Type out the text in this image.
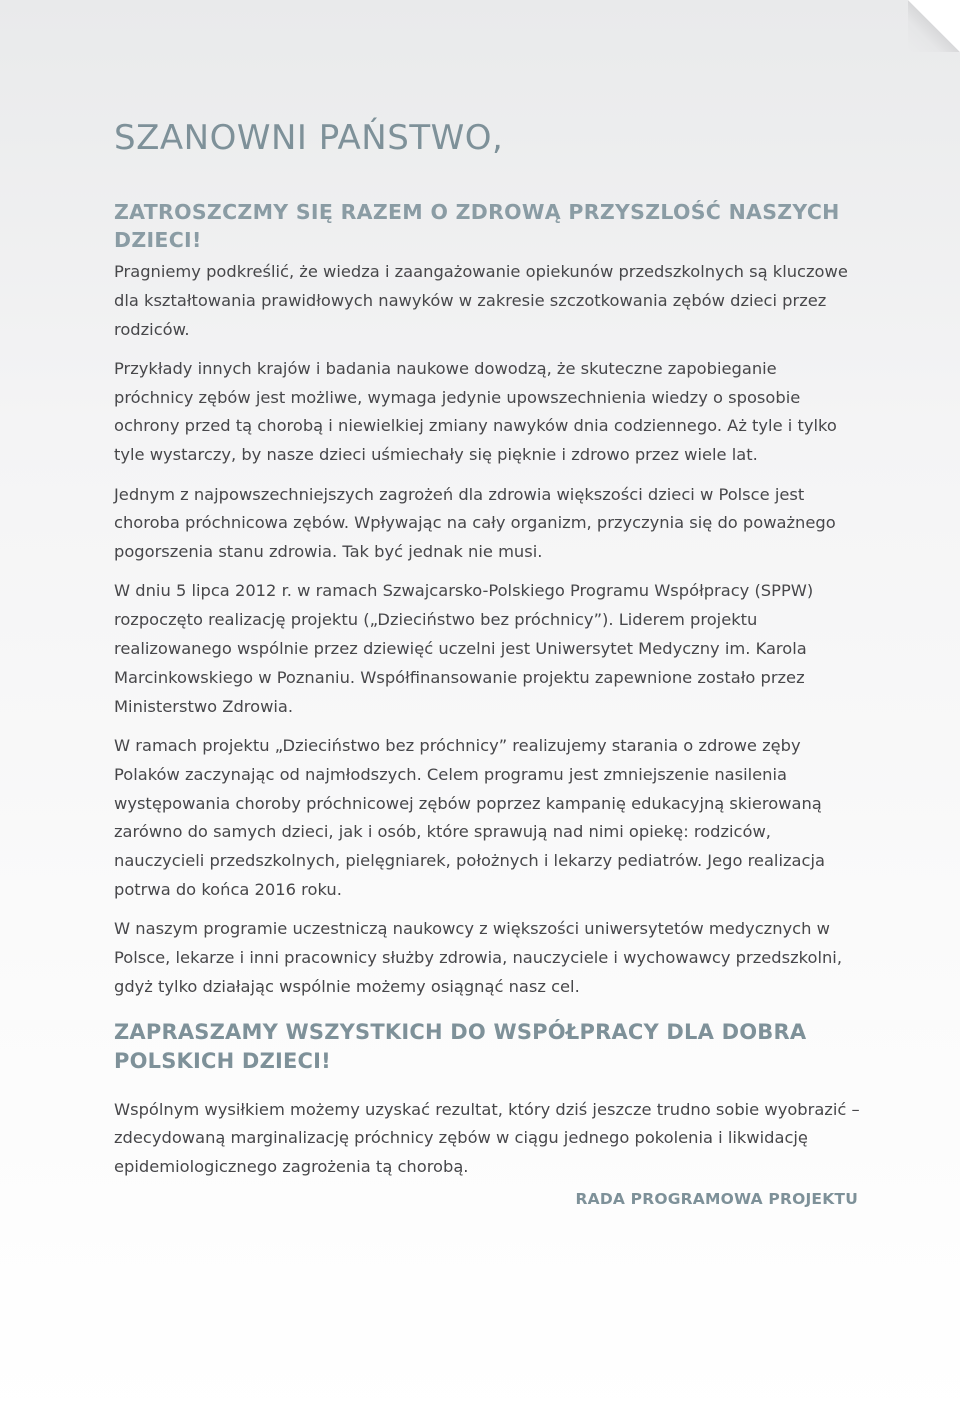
SZANOWNI PAŃSTWO,
ZATROSZCZMY SIĘ RAZEM O ZDROWĄ PRZYSZLOŚĆ NASZYCH DZIECI!

Pragniemy podkreślić, że wiedza i zaangażowanie opiekunów przedszkolnych są kluczowe dla kształtowania prawidłowych nawyków w zakresie szczotkowania zębów dzieci przez rodziców.

Przykłady innych krajów i badania naukowe dowodzą, że skuteczne zapobieganie próchnicy zębów jest możliwe, wymaga jedynie upowszechnienia wiedzy o sposobie ochrony przed tą chorobą i niewielkiej zmiany nawyków dnia codziennego. Aż tyle i tylko tyle wystarczy, by nasze dzieci uśmiechały się pięknie i zdrowo przez wiele lat.

Jednym z najpowszechniejszych zagrożeń dla zdrowia większości dzieci w Polsce jest choroba próchnicowa zębów. Wpływając na cały organizm, przyczynia się do poważnego pogorszenia stanu zdrowia. Tak być jednak nie musi.

W dniu 5 lipca 2012 r. w ramach Szwajcarsko-Polskiego Programu Współpracy (SPPW) rozpoczęto realizację projektu („Dzieciństwo bez próchnicy”). Liderem projektu realizowanego wspólnie przez dziewięć uczelni jest Uniwersytet Medyczny im. Karola Marcinkowskiego w Poznaniu. Współfinansowanie projektu zapewnione zostało przez Ministerstwo Zdrowia.

W ramach projektu „Dzieciństwo bez próchnicy” realizujemy starania o zdrowe zęby Polaków zaczynając od najmłodszych. Celem programu jest zmniejszenie nasilenia występowania choroby próchnicowej zębów poprzez kampanię edukacyjną skierowaną zarówno do samych dzieci, jak i osób, które sprawują nad nimi opiekę: rodziców, nauczycieli przedszkolnych, pielęgniarek, położnych i lekarzy pediatrów. Jego realizacja potrwa do końca 2016 roku.

W naszym programie uczestniczą naukowcy z większości uniwersytetów medycznych w Polsce, lekarze i inni pracownicy służby zdrowia, nauczyciele i wychowawcy przedszkolni, gdyż tylko działając wspólnie możemy osiągnąć nasz cel.

ZAPRASZAMY WSZYSTKICH DO WSPÓŁPRACY DLA DOBRA POLSKICH DZIECI!

Wspólnym wysiłkiem możemy uzyskać rezultat, który dziś jeszcze trudno sobie wyobrazić – zdecydowaną marginalizację próchnicy zębów w ciągu jednego pokolenia i likwidację epidemiologicznego zagrożenia tą chorobą.

RADA PROGRAMOWA PROJEKTU
